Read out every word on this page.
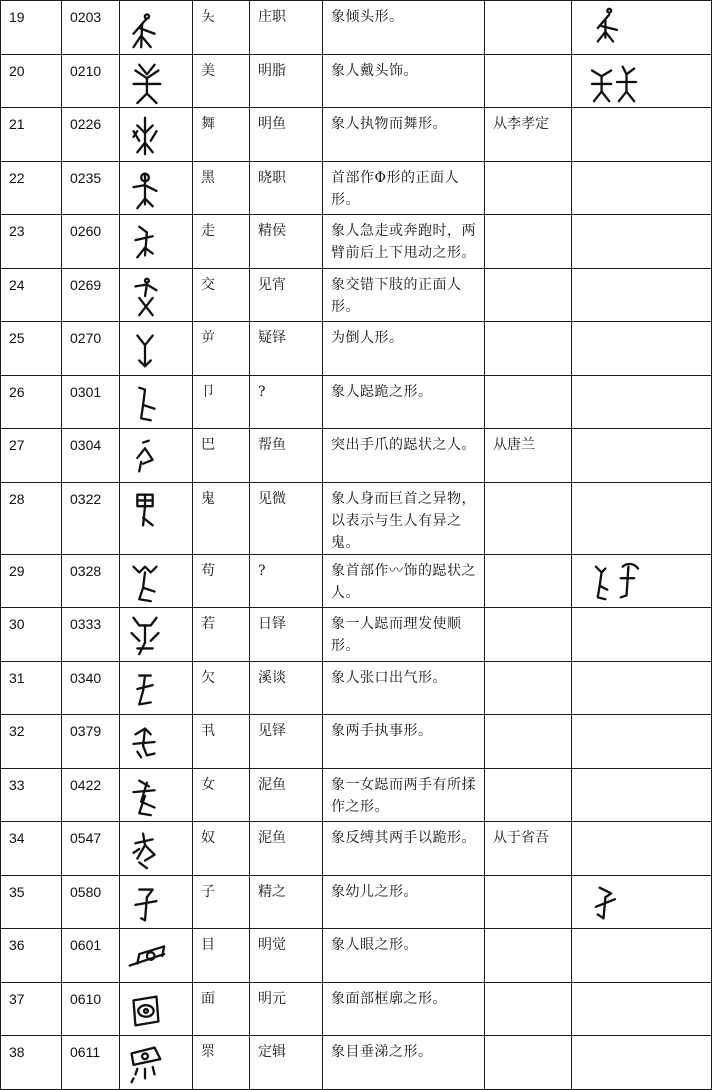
19	0203		夨	庄职	象倾头形。		

20	0210		美	明脂	象人戴头饰。		

21	0226		舞	明鱼	象人执物而舞形。	从李孝定	
22	0235		黑	晓职	首部作Φ形的正面人形。		
23	0260		走	精侯	象人急走或奔跑时，两臂前后上下甩动之形。		
24	0269		交	见宵	象交错下肢的正面人形。		
25	0270		屰	疑铎	为倒人形。		
26	0301		卩	?	象人跽跪之形。		
27	0304		巴	帮鱼	突出手爪的跽状之人。	从唐兰	
28	0322		鬼	见微	象人身而巨首之异物，以表示与生人有异之鬼。		
29	0328		苟	?	象首部作〰饰的跽状之人。		

30	0333		若	日铎	象一人跽而理发使顺形。		
31	0340		欠	溪谈	象人张口出气形。		
32	0379		丮	见铎	象两手执事形。		
33	0422		女	泥鱼	象一女跽而两手有所揉作之形。		
34	0547		奴	泥鱼	象反缚其两手以跪形。	从于省吾	
35	0580		子	精之	象幼儿之形。		

36	0601		目	明觉	象人眼之形。		
37	0610		面	明元	象面部框廓之形。		
38	0611		眔	定辑	象目垂涕之形。		
